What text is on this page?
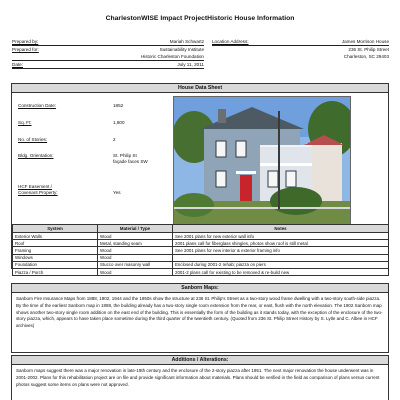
CharlestonWISE Impact ProjectHistoric House Information
Prepared by:	Mariah Schwartz
Prepared for:	Sustainability Institute
Historic Charleston Foundation
Date:	July 11, 2011
Location Address:	James Morrison House
236 St. Philip Street
Charleston, SC 29403
House Data Sheet
Construction Date:	1852
Sq. Ft:	1,800
No. of Stories:	2
Bldg. Orientation:	St. Philip St
façade faces SW
HCF Easement /
Covenant Property:	Yes
System	Material / Type	Notes
Exterior Walls	Wood	See 2001 plans for new exterior wall info
Roof	Metal, standing seam	2001 plans call for fiberglass shingles, photos show roof is still metal
Framing	Wood	See 2001 plans for new interior & exterior framing info
Windows	Wood	
Foundation	Stucco over masonry wall	Enclosed during 2001-2 rehab; piazza on piers
Piazza / Porch	Wood	2001-2 plans call for existing to be removed & re-build new
Sanborn Maps:
Sanborn Fire Insurance Maps from 1888, 1902, 1944 and the 1950s show the structure at 236 St. Philip's Street as a two-story wood frame dwelling with a two-story south-side piazza. By the time of the earliest Sanborn map in 1888, the building already has a two-story single room extension from the rear, or east, flush with the north elevation. The 1902 Sanborn map shows another two-story single room addition on the east end of the building. This is essentially the form of the building as it stands today, with the exception of the enclosure of the two-story piazza, which, appears to have taken place sometime during the third quarter of the twentieth century. (Quoted from 236 St. Philip Street History by S. Lytle and C. Albee in HCF archives)
Additions / Alterations:
Sanborn maps suggest there was a major renovation in late-19th century and the enclosure of the 2-story piazza after 1951. The next major renovation the house underwent was in 2001-2002. Plans for this rehabilitation project are on file and provide significant information about materials. Plans should be verified in the field as comparison of plans versus current photos suggest some items on plans were not approved.
